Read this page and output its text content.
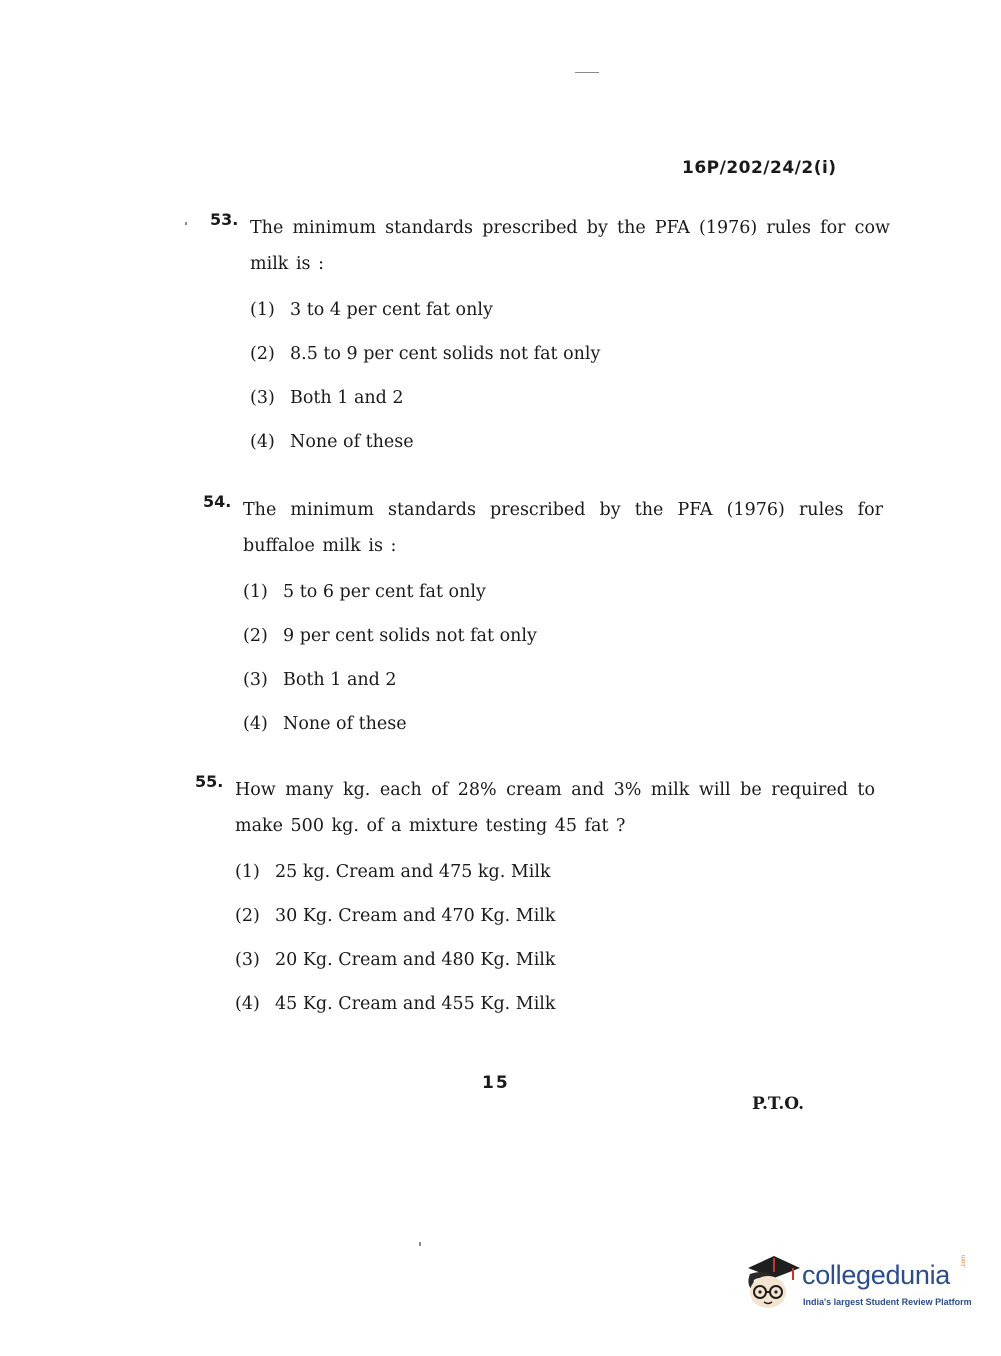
16P/202/24/2(i)
53. The minimum standards prescribed by the PFA (1976) rules for cow milk is :

(1) 3 to 4 per cent fat only
(2) 8.5 to 9 per cent solids not fat only
(3) Both 1 and 2
(4) None of these
54. The minimum standards prescribed by the PFA (1976) rules for buffaloe milk is :

(1) 5 to 6 per cent fat only
(2) 9 per cent solids not fat only
(3) Both 1 and 2
(4) None of these
55. How many kg. each of 28% cream and 3% milk will be required to make 500 kg. of a mixture testing 45 fat ?

(1) 25 kg. Cream and 475 kg. Milk
(2) 30 Kg. Cream and 470 Kg. Milk
(3) 20 Kg. Cream and 480 Kg. Milk
(4) 45 Kg. Cream and 455 Kg. Milk
15
P.T.O.
collegedunia
India's largest Student Review Platform
.com
